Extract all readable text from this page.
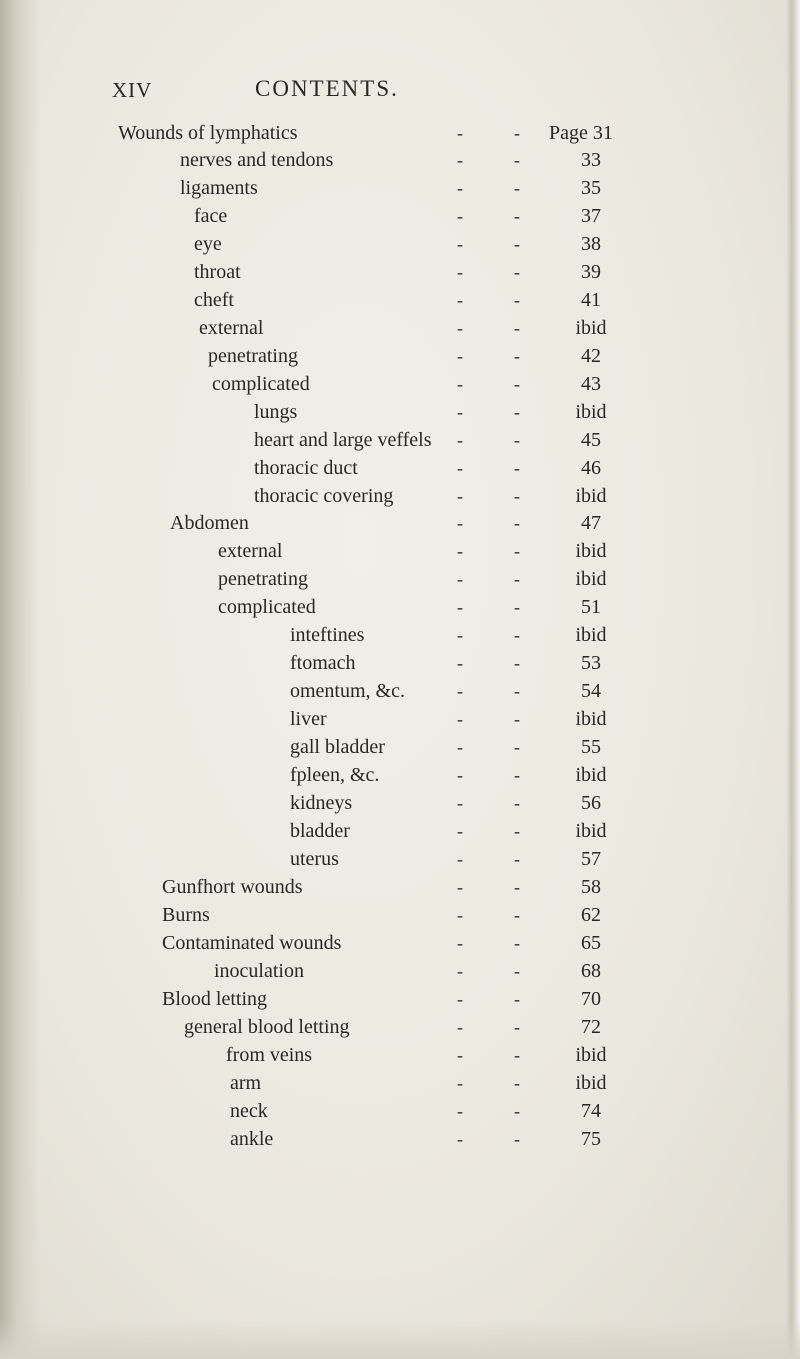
XIV	CONTENTS.
Wounds of lymphatics	-	-	Page 31
nerves and tendons	-	-	33
ligaments	-	-	35
face	-	-	37
eye	-	-	38
throat	-	-	39
cheft	-	-	41
external	-	-	ibid
penetrating	-	-	42
complicated	-	-	43
lungs	-	-	ibid
heart and large veffels -	-	45
thoracic duct	-	-	46
thoracic covering	-	-	ibid
Abdomen	-	-	47
external	-	-	ibid
penetrating	-	-	ibid
complicated	-	-	51
inteftines	-	-	ibid
ftomach	-	-	53
omentum, &c.	-	-	54
liver	-	-	ibid
gall bladder	-	-	55
fpleen, &c.	-	-	ibid
kidneys	-	-	56
bladder	-	-	ibid
uterus	-	-	57
Gunfhort wounds	-	-	58
Burns	-	-	62
Contaminated wounds	-	-	65
inoculation	-	-	68
Blood letting	-	-	70
general blood letting	-	-	72
from veins	-	-	ibid
arm	-	-	ibid
neck	-	-	74
ankle	-	-	75
